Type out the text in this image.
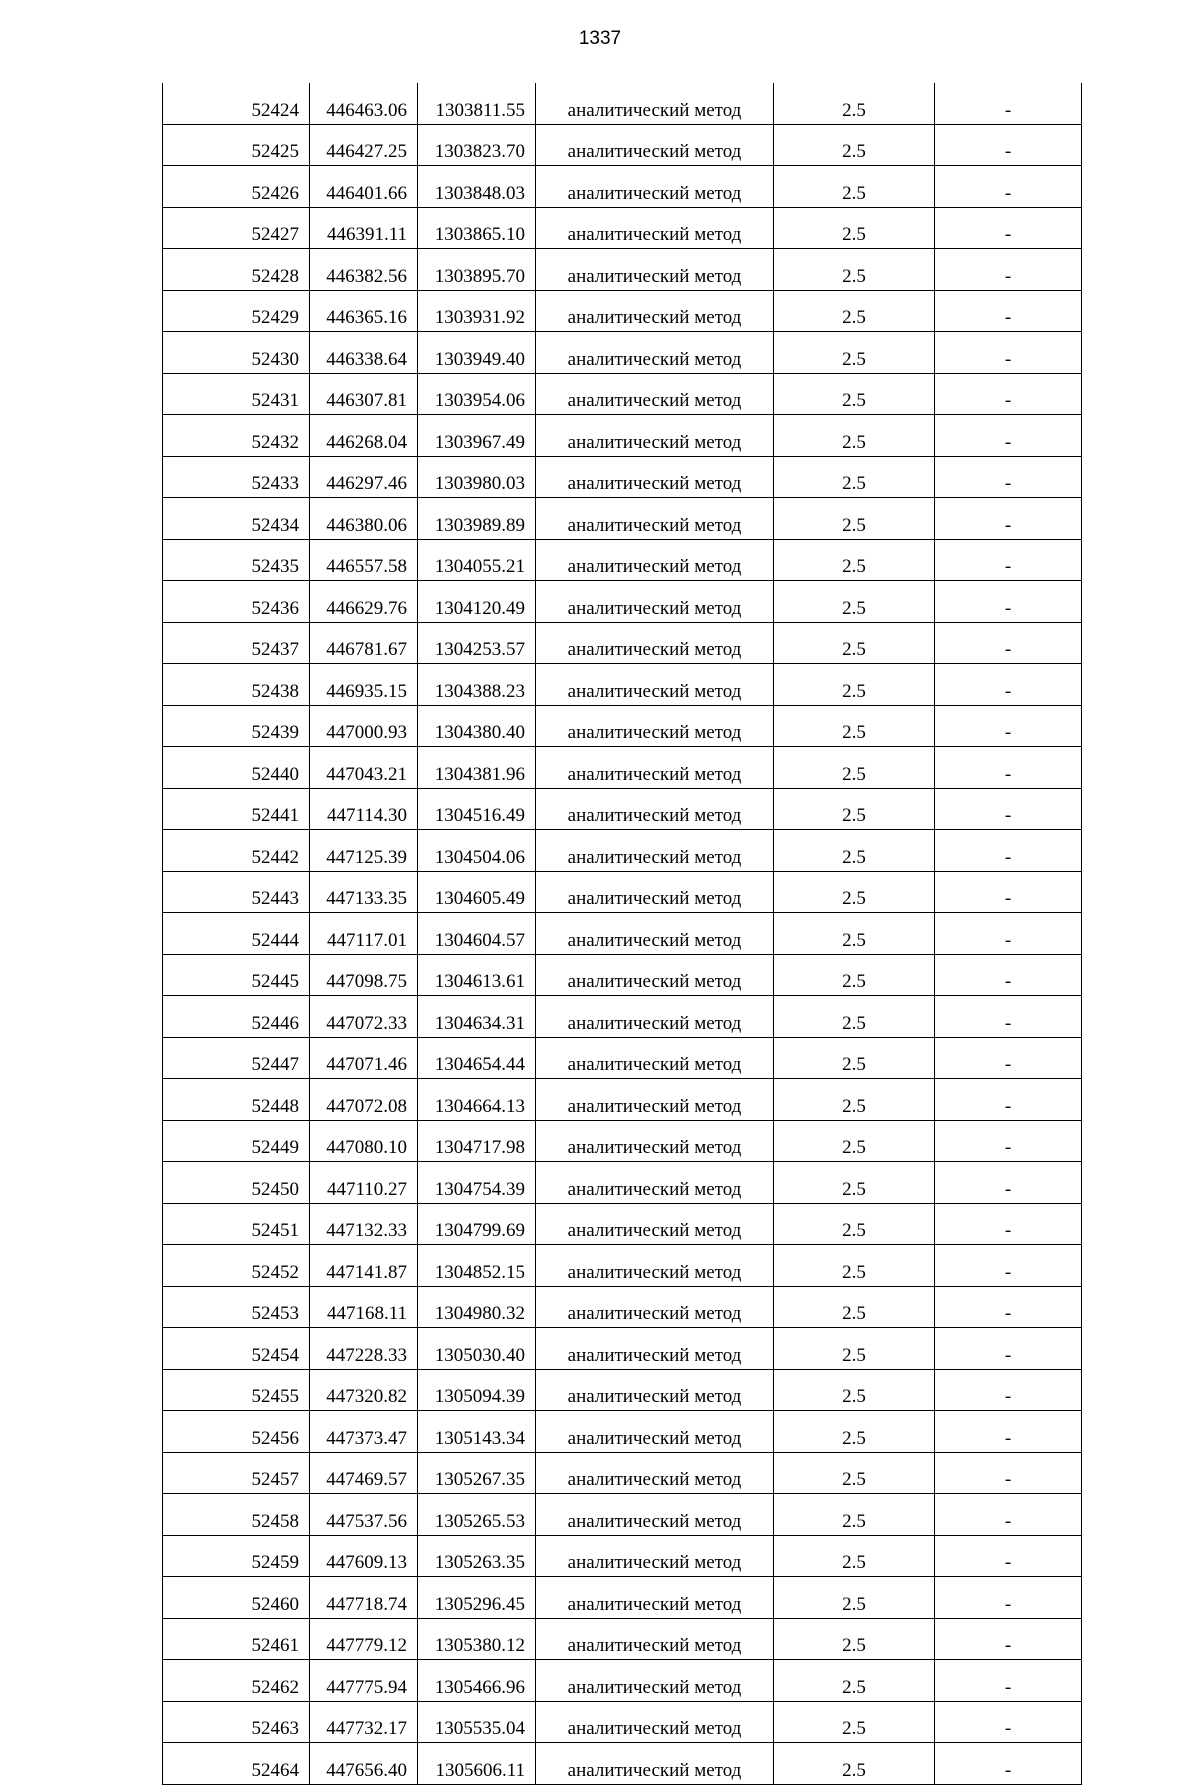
1337
52424	446463.06	1303811.55	аналитический метод	2.5	-
52425	446427.25	1303823.70	аналитический метод	2.5	-
52426	446401.66	1303848.03	аналитический метод	2.5	-
52427	446391.11	1303865.10	аналитический метод	2.5	-
52428	446382.56	1303895.70	аналитический метод	2.5	-
52429	446365.16	1303931.92	аналитический метод	2.5	-
52430	446338.64	1303949.40	аналитический метод	2.5	-
52431	446307.81	1303954.06	аналитический метод	2.5	-
52432	446268.04	1303967.49	аналитический метод	2.5	-
52433	446297.46	1303980.03	аналитический метод	2.5	-
52434	446380.06	1303989.89	аналитический метод	2.5	-
52435	446557.58	1304055.21	аналитический метод	2.5	-
52436	446629.76	1304120.49	аналитический метод	2.5	-
52437	446781.67	1304253.57	аналитический метод	2.5	-
52438	446935.15	1304388.23	аналитический метод	2.5	-
52439	447000.93	1304380.40	аналитический метод	2.5	-
52440	447043.21	1304381.96	аналитический метод	2.5	-
52441	447114.30	1304516.49	аналитический метод	2.5	-
52442	447125.39	1304504.06	аналитический метод	2.5	-
52443	447133.35	1304605.49	аналитический метод	2.5	-
52444	447117.01	1304604.57	аналитический метод	2.5	-
52445	447098.75	1304613.61	аналитический метод	2.5	-
52446	447072.33	1304634.31	аналитический метод	2.5	-
52447	447071.46	1304654.44	аналитический метод	2.5	-
52448	447072.08	1304664.13	аналитический метод	2.5	-
52449	447080.10	1304717.98	аналитический метод	2.5	-
52450	447110.27	1304754.39	аналитический метод	2.5	-
52451	447132.33	1304799.69	аналитический метод	2.5	-
52452	447141.87	1304852.15	аналитический метод	2.5	-
52453	447168.11	1304980.32	аналитический метод	2.5	-
52454	447228.33	1305030.40	аналитический метод	2.5	-
52455	447320.82	1305094.39	аналитический метод	2.5	-
52456	447373.47	1305143.34	аналитический метод	2.5	-
52457	447469.57	1305267.35	аналитический метод	2.5	-
52458	447537.56	1305265.53	аналитический метод	2.5	-
52459	447609.13	1305263.35	аналитический метод	2.5	-
52460	447718.74	1305296.45	аналитический метод	2.5	-
52461	447779.12	1305380.12	аналитический метод	2.5	-
52462	447775.94	1305466.96	аналитический метод	2.5	-
52463	447732.17	1305535.04	аналитический метод	2.5	-
52464	447656.40	1305606.11	аналитический метод	2.5	-
